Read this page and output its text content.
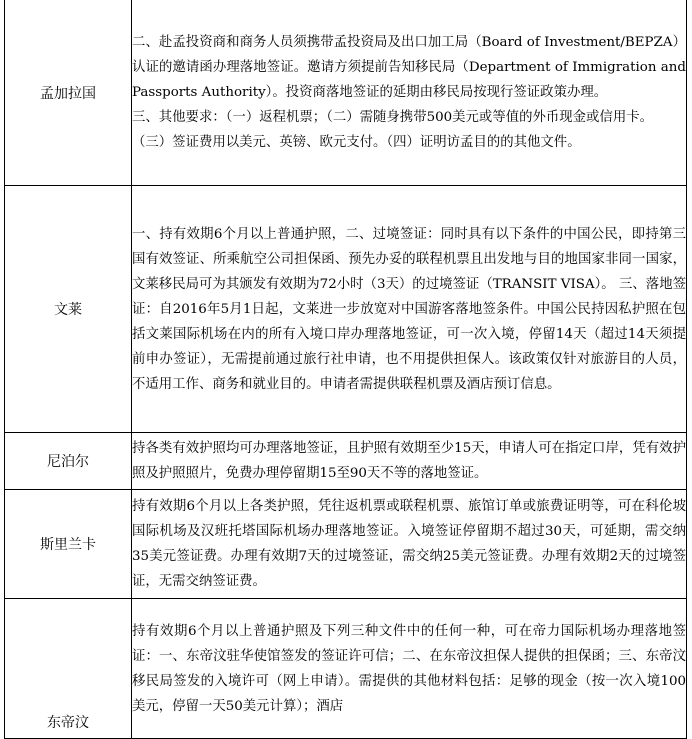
孟加拉国	二、赴孟投资商和商务人员须携带孟投资局及出口加工局（Board of Investment/BEPZA）认证的邀请函办理落地签证。邀请方须提前告知移民局（Department of Immigration and Passports Authority）。投资商落地签证的延期由移民局按现行签证政策办理。

三、其他要求：（一）返程机票；（二）需随身携带500美元或等值的外币现金或信用卡。

（三）签证费用以美元、英镑、欧元支付。（四）证明访孟目的的其他文件。

文莱	一、持有效期6个月以上普通护照，二、过境签证：同时具有以下条件的中国公民，即持第三国有效签证、所乘航空公司担保函、预先办妥的联程机票且出发地与目的地国家非同一国家，文莱移民局可为其颁发有效期为72小时（3天）的过境签证（TRANSIT VISA）。 三、落地签证：自2016年5月1日起，文莱进一步放宽对中国游客落地签条件。中国公民持因私护照在包括文莱国际机场在内的所有入境口岸办理落地签证，可一次入境，停留14天（超过14天须提前申办签证），无需提前通过旅行社申请，也不用提供担保人。该政策仅针对旅游目的人员，不适用工作、商务和就业目的。申请者需提供联程机票及酒店预订信息。

尼泊尔	持各类有效护照均可办理落地签证，且护照有效期至少15天，申请人可在指定口岸，凭有效护照及护照照片，免费办理停留期15至90天不等的落地签证。

斯里兰卡	持有效期6个月以上各类护照，凭往返机票或联程机票、旅馆订单或旅费证明等，可在科伦坡国际机场及汉班托塔国际机场办理落地签证。入境签证停留期不超过30天，可延期，需交纳35美元签证费。办理有效期7天的过境签证，需交纳25美元签证费。办理有效期2天的过境签证，无需交纳签证费。

东帝汶	持有效期6个月以上普通护照及下列三种文件中的任何一种，可在帝力国际机场办理落地签证：一、东帝汶驻华使馆签发的签证许可信；二、在东帝汶担保人提供的担保函；三、东帝汶移民局签发的入境许可（网上申请）。需提供的其他材料包括：足够的现金（按一次入境100美元，停留一天50美元计算）；酒店
